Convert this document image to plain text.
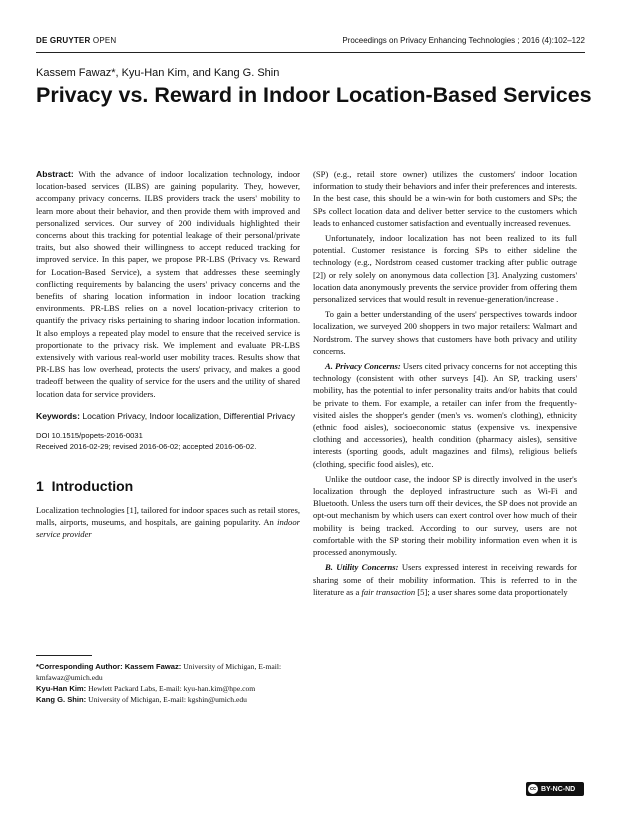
DE GRUYTER OPEN	Proceedings on Privacy Enhancing Technologies ; 2016 (4):102–122
Kassem Fawaz*, Kyu-Han Kim, and Kang G. Shin
Privacy vs. Reward in Indoor Location-Based Services

Abstract: With the advance of indoor localization technology, indoor location-based services (ILBS) are gaining popularity. They, however, accompany privacy concerns. ILBS providers track the users' mobility to learn more about their behavior, and then provide them with improved and personalized services. Our survey of 200 individuals highlighted their concerns about this tracking for potential leakage of their personal/private traits, but also showed their willingness to accept reduced tracking for improved service. In this paper, we propose PR-LBS (Privacy vs. Reward for Location-Based Service), a system that addresses these seemingly conflicting requirements by balancing the users' privacy concerns and the benefits of sharing location information in indoor location tracking environments. PR-LBS relies on a novel location-privacy criterion to quantify the privacy risks pertaining to sharing indoor location information. It also employs a repeated play model to ensure that the received service is proportionate to the privacy risk. We implement and evaluate PR-LBS extensively with various real-world user mobility traces. Results show that PR-LBS has low overhead, protects the users' privacy, and makes a good tradeoff between the quality of service for the users and the utility of shared location data for service providers.

Keywords: Location Privacy, Indoor localization, Differential Privacy

DOI 10.1515/popets-2016-0031
Received 2016-02-29; revised 2016-06-02; accepted 2016-06-02.
1 Introduction

Localization technologies [1], tailored for indoor spaces such as retail stores, malls, airports, museums, and hospitals, are gaining popularity. An indoor service provider

*Corresponding Author: Kassem Fawaz: University of Michigan, E-mail: kmfawaz@umich.edu

Kyu-Han Kim: Hewlett Packard Labs, E-mail: kyu-han.kim@hpe.com

Kang G. Shin: University of Michigan, E-mail: kgshin@umich.edu

(SP) (e.g., retail store owner) utilizes the customers' indoor location information to study their behaviors and infer their preferences and interests. In the best case, this should be a win-win for both customers and SPs; the SPs collect location data and deliver better service to the customers which leads to enhanced customer satisfaction and eventually increased revenues.

Unfortunately, indoor localization has not been realized to its full potential. Customer resistance is forcing SPs to either sideline the technology (e.g., Nordstrom ceased customer tracking after public outrage [2]) or rely solely on anonymous data collection [3]. Analyzing customers' location data anonymously prevents the service provider from offering them personalized services that would result in revenue-generation/increase .

To gain a better understanding of the users' perspectives towards indoor localization, we surveyed 200 shoppers in two major retailers: Walmart and Nordstrom. The survey shows that customers have both privacy and utility concerns.

A. Privacy Concerns: Users cited privacy concerns for not accepting this technology (consistent with other surveys [4]). An SP, tracking users' mobility, has the potential to infer personality traits and/or habits that could be private to them. For example, a retailer can infer from the frequently-visited aisles the shopper's gender (men's vs. women's clothing), ethnicity (ethnic food aisles), socioeconomic status (expensive vs. inexpensive clothing and accessories), health condition (pharmacy aisles), sensitive interests (sporting goods, adult magazines and films), religious beliefs (clothing, specific food aisles), etc.

Unlike the outdoor case, the indoor SP is directly involved in the user's localization through the deployed infrastructure such as Wi-Fi and Bluetooth. Unless the users turn off their devices, the SP does not provide an opt-out mechanism by which users can exert control over how much of their mobility is being tracked. According to our survey, users are not comfortable with the SP storing their mobility information even when it is processed anonymously.

B. Utility Concerns: Users expressed interest in receiving rewards for sharing some of their mobility information. This is referred to in the literature as a fair transaction [5]; a user shares some data proportionately

cc BY-NC-ND
